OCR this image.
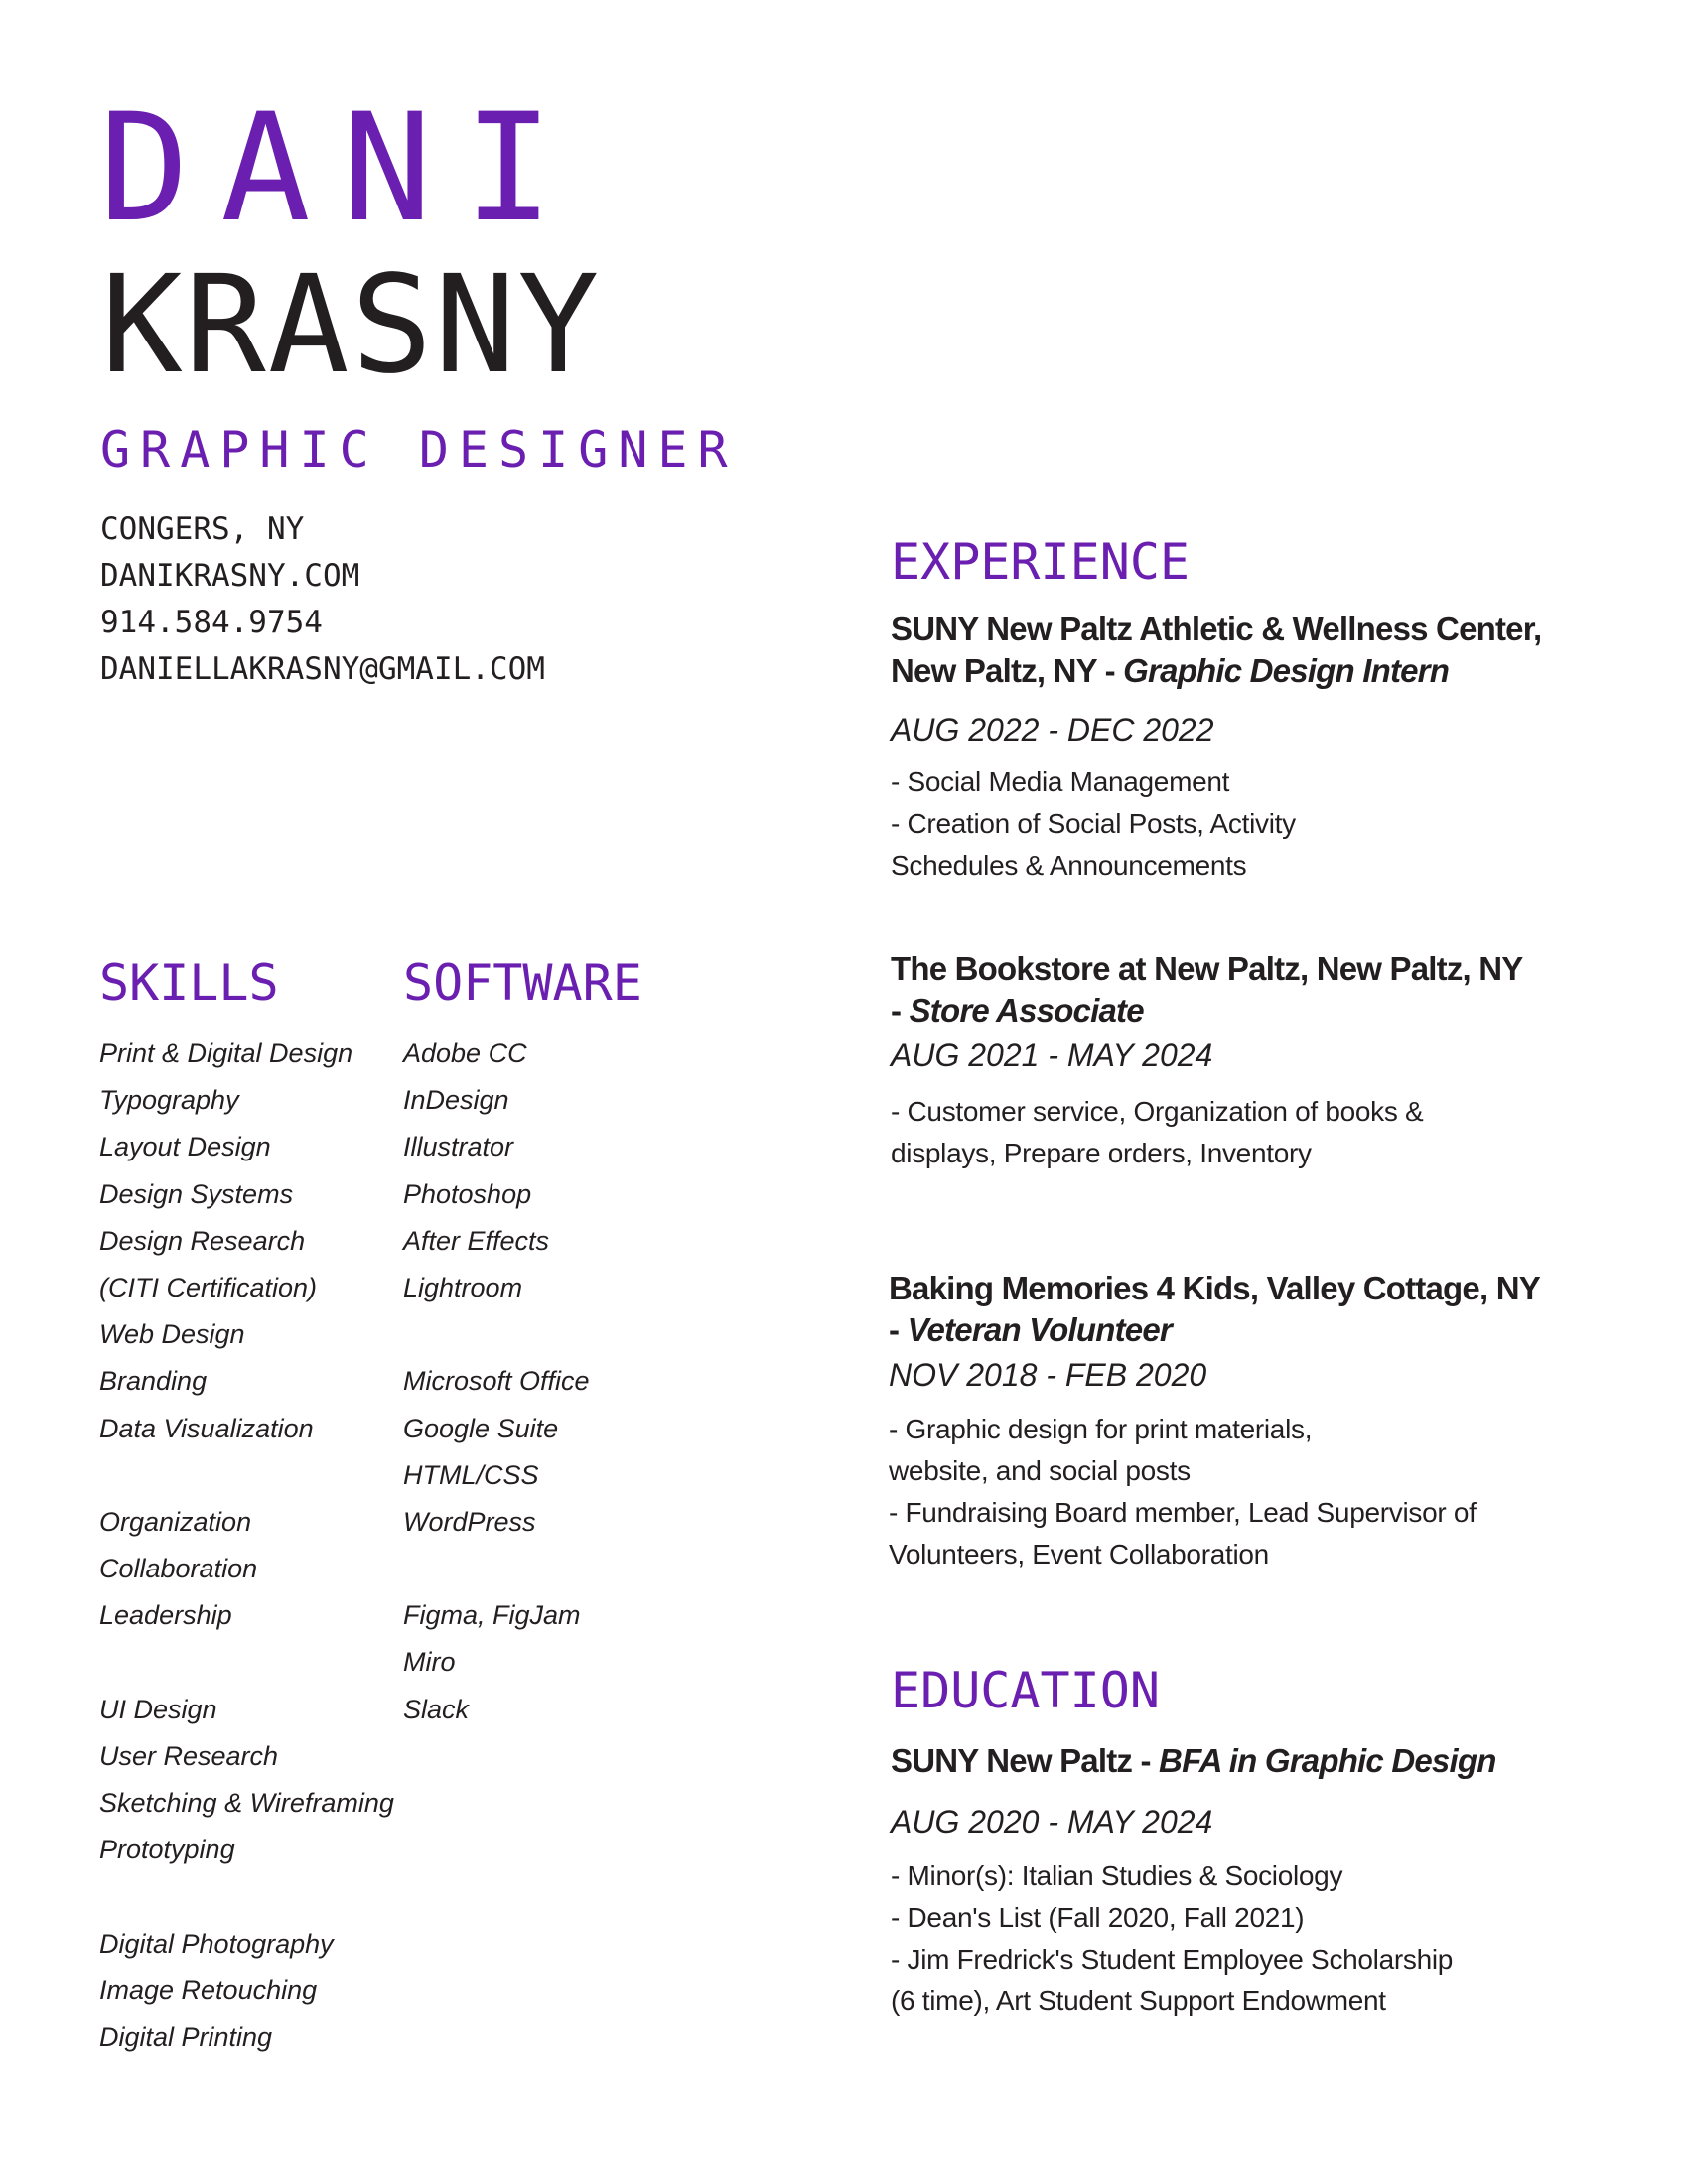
DANI
KRASNY
GRAPHIC DESIGNER
CONGERS, NY
DANIKRASNY.COM
914.584.9754
DANIELLAKRASNY@GMAIL.COM
SKILLS
Print & Digital Design
Typography
Layout Design
Design Systems
Design Research
(CITI Certification)
Web Design
Branding
Data Visualization
Organization
Collaboration
Leadership
UI Design
User Research
Sketching & Wireframing
Prototyping
Digital Photography
Image Retouching
Digital Printing
SOFTWARE
Adobe CC
InDesign
Illustrator
Photoshop
After Effects
Lightroom
Microsoft Office
Google Suite
HTML/CSS
WordPress
Figma, FigJam
Miro
Slack
EXPERIENCE
SUNY New Paltz Athletic & Wellness Center,
New Paltz, NY - Graphic Design Intern
AUG 2022 - DEC 2022
- Social Media Management
- Creation of Social Posts, Activity
Schedules & Announcements
The Bookstore at New Paltz, New Paltz, NY
- Store Associate
AUG 2021 - MAY 2024
- Customer service, Organization of books &
displays, Prepare orders, Inventory
Baking Memories 4 Kids, Valley Cottage, NY
- Veteran Volunteer
NOV 2018 - FEB 2020
- Graphic design for print materials,
website, and social posts
- Fundraising Board member, Lead Supervisor of
Volunteers, Event Collaboration
EDUCATION
SUNY New Paltz - BFA in Graphic Design
AUG 2020 - MAY 2024
- Minor(s): Italian Studies & Sociology
- Dean's List (Fall 2020, Fall 2021)
- Jim Fredrick's Student Employee Scholarship
(6 time), Art Student Support Endowment
